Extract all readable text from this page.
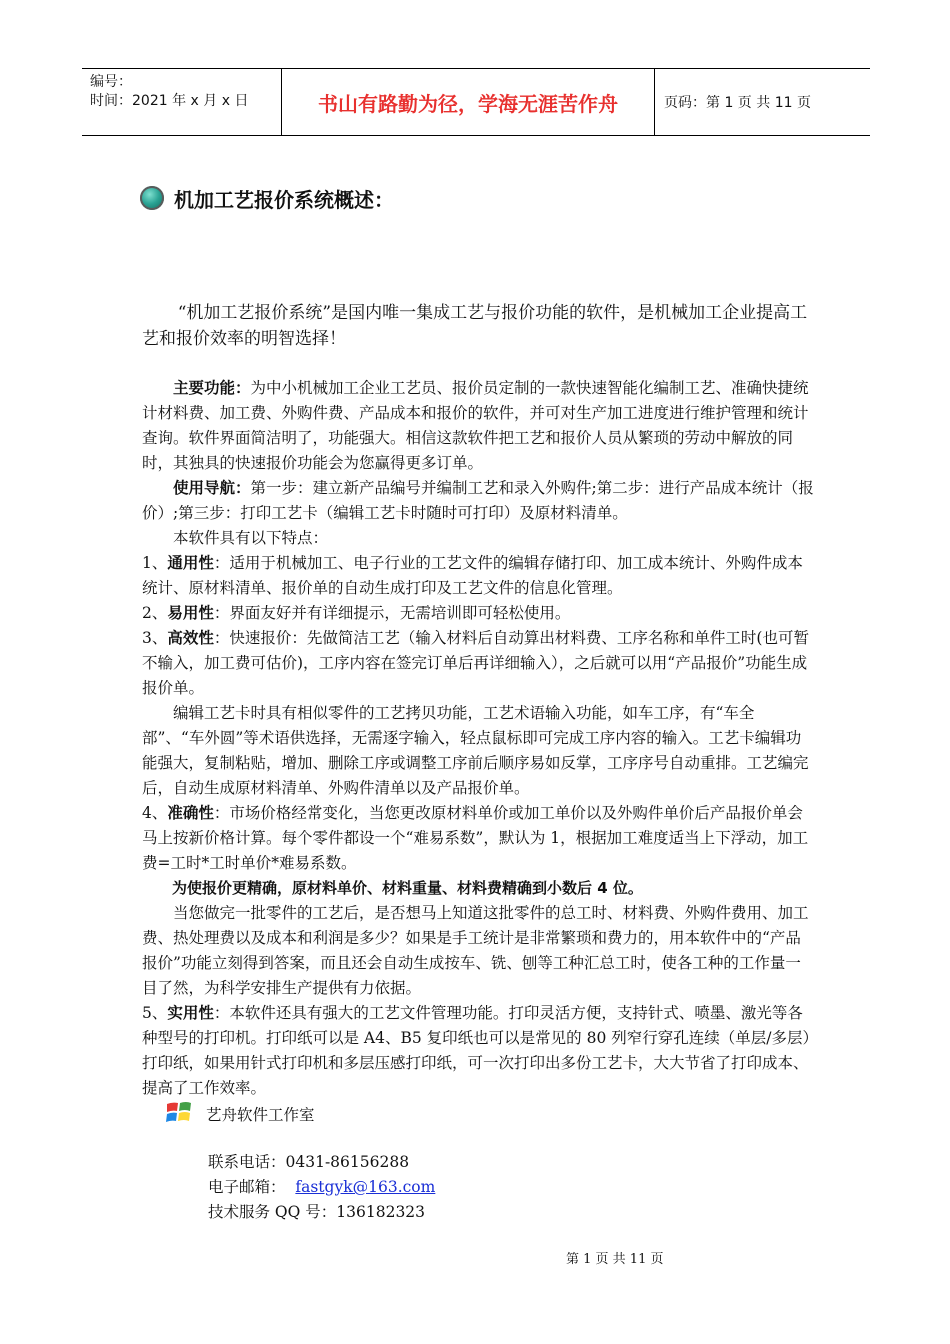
编号：
时间：2021 年 x 月 x 日	书山有路勤为径，学海无涯苦作舟	页码：第 1 页 共 11 页
机加工艺报价系统概述：

“机加工艺报价系统”是国内唯一集成工艺与报价功能的软件，是机械加工企业提高工艺和报价效率的明智选择！

主要功能：为中小机械加工企业工艺员、报价员定制的一款快速智能化编制工艺、准确快捷统计材料费、加工费、外购件费、产品成本和报价的软件，并可对生产加工进度进行维护管理和统计查询。软件界面简洁明了，功能强大。相信这款软件把工艺和报价人员从繁琐的劳动中解放的同时，其独具的快速报价功能会为您赢得更多订单。

使用导航：第一步：建立新产品编号并编制工艺和录入外购件;第二步：进行产品成本统计（报价）;第三步：打印工艺卡（编辑工艺卡时随时可打印）及原材料清单。

本软件具有以下特点：

1、通用性：适用于机械加工、电子行业的工艺文件的编辑存储打印、加工成本统计、外购件成本统计、原材料清单、报价单的自动生成打印及工艺文件的信息化管理。

2、易用性：界面友好并有详细提示，无需培训即可轻松使用。

3、高效性：快速报价：先做简洁工艺（输入材料后自动算出材料费、工序名称和单件工时(也可暂不输入，加工费可估价)，工序内容在签完订单后再详细输入），之后就可以用“产品报价”功能生成报价单。

编辑工艺卡时具有相似零件的工艺拷贝功能，工艺术语输入功能，如车工序，有“车全部”、“车外圆”等术语供选择，无需逐字输入，轻点鼠标即可完成工序内容的输入。工艺卡编辑功能强大，复制粘贴，增加、删除工序或调整工序前后顺序易如反掌，工序序号自动重排。工艺编完后，自动生成原材料清单、外购件清单以及产品报价单。

4、准确性：市场价格经常变化，当您更改原材料单价或加工单价以及外购件单价后产品报价单会马上按新价格计算。每个零件都设一个“难易系数”，默认为 1，根据加工难度适当上下浮动，加工费=工时*工时单价*难易系数。

为使报价更精确，原材料单价、材料重量、材料费精确到小数后 4 位。

当您做完一批零件的工艺后，是否想马上知道这批零件的总工时、材料费、外购件费用、加工费、热处理费以及成本和利润是多少？如果是手工统计是非常繁琐和费力的，用本软件中的“产品报价”功能立刻得到答案，而且还会自动生成按车、铣、刨等工种汇总工时，使各工种的工作量一目了然，为科学安排生产提供有力依据。

5、实用性：本软件还具有强大的工艺文件管理功能。打印灵活方便，支持针式、喷墨、激光等各种型号的打印机。打印纸可以是 A4、B5 复印纸也可以是常见的 80 列窄行穿孔连续（单层/多层）打印纸，如果用针式打印机和多层压感打印纸，可一次打印出多份工艺卡，大大节省了打印成本、提高了工作效率。

艺舟软件工作室
联系电话：0431-86156288
电子邮箱： fastgyk@163.com
技术服务 QQ 号：136182323
第 1 页 共 11 页
